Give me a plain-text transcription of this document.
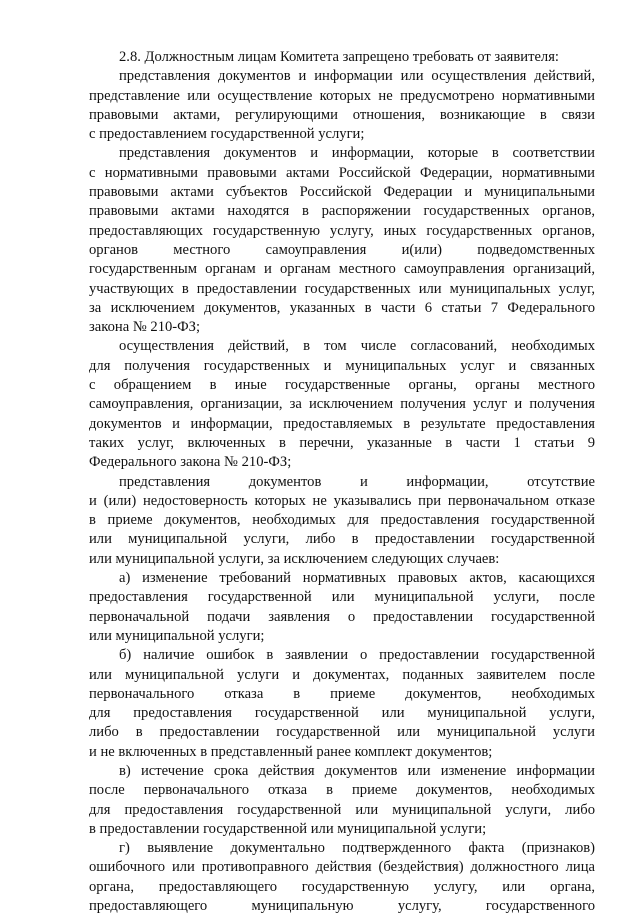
2.8. Должностным лицам Комитета запрещено требовать от заявителя:
представления документов и информации или осуществления действий,
представление или осуществление которых не предусмотрено нормативными
правовыми актами, регулирующими отношения, возникающие в связи
с предоставлением государственной услуги;
представления документов и информации, которые в соответствии
с нормативными правовыми актами Российской Федерации, нормативными
правовыми актами субъектов Российской Федерации и муниципальными
правовыми актами находятся в распоряжении государственных органов,
предоставляющих государственную услугу, иных государственных органов,
органов местного самоуправления и(или) подведомственных
государственным органам и органам местного самоуправления организаций,
участвующих в предоставлении государственных или муниципальных услуг,
за исключением документов, указанных в части 6 статьи 7 Федерального
закона № 210-ФЗ;
осуществления действий, в том числе согласований, необходимых
для получения государственных и муниципальных услуг и связанных
с обращением в иные государственные органы, органы местного
самоуправления, организации, за исключением получения услуг и получения
документов и информации, предоставляемых в результате предоставления
таких услуг, включенных в перечни, указанные в части 1 статьи 9
Федерального закона № 210-ФЗ;
представления документов и информации, отсутствие
и (или) недостоверность которых не указывались при первоначальном отказе
в приеме документов, необходимых для предоставления государственной
или муниципальной услуги, либо в предоставлении государственной
или муниципальной услуги, за исключением следующих случаев:
а) изменение требований нормативных правовых актов, касающихся
предоставления государственной или муниципальной услуги, после
первоначальной подачи заявления о предоставлении государственной
или муниципальной услуги;
б) наличие ошибок в заявлении о предоставлении государственной
или муниципальной услуги и документах, поданных заявителем после
первоначального отказа в приеме документов, необходимых
для предоставления государственной или муниципальной услуги,
либо в предоставлении государственной или муниципальной услуги
и не включенных в представленный ранее комплект документов;
в) истечение срока действия документов или изменение информации
после первоначального отказа в приеме документов, необходимых
для предоставления государственной или муниципальной услуги, либо
в предоставлении государственной или муниципальной услуги;
г) выявление документально подтвержденного факта (признаков)
ошибочного или противоправного действия (бездействия) должностного лица
органа, предоставляющего государственную услугу, или органа,
предоставляющего муниципальную услугу, государственного
